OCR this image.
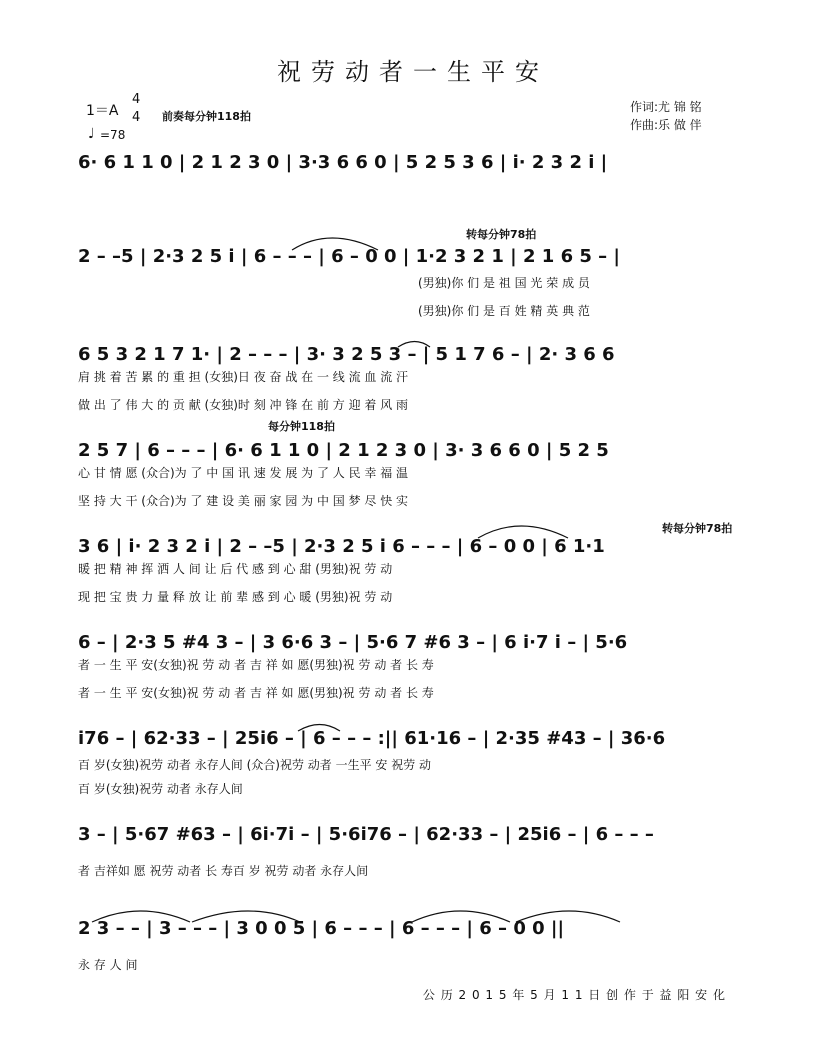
祝劳动者一生平安
1＝A
4
4
♩ =78
前奏每分钟118拍
作词:尤 锦 铭
作曲:乐 做 伴
转每分钟78拍
每分钟118拍
转每分钟78拍
6· 6 1 1 0 | 2 1 2 3 0 | 3·3 6 6 0 | 5 2 5 3 6 | i· 2 3 2 i |
2 – –5 | 2·3 2 5 i | 6 – – – | 6 – 0 0 | 1·2 3 2 1 | 2 1 6 5 – |
(男独)你 们 是 祖 国 光 荣 成 员
(男独)你 们 是 百 姓 精 英 典 范
6 5 3 2 1 7 1· | 2 – – – | 3· 3 2 5 3 – | 5 1 7 6 – | 2· 3 6 6
肩 挑 着 苦 累 的 重 担 (女独)日 夜 奋 战 在 一 线 流 血 流 汗
做 出 了 伟 大 的 贡 献 (女独)时 刻 冲 锋 在 前 方 迎 着 风 雨
2 5 7 | 6 – – – | 6· 6 1 1 0 | 2 1 2 3 0 | 3· 3 6 6 0 | 5 2 5
心 甘 情 愿 (众合)为 了 中 国 讯 速 发 展 为 了 人 民 幸 福 温
坚 持 大 干 (众合)为 了 建 设 美 丽 家 园 为 中 国 梦 尽 快 实
3 6 | i· 2 3 2 i | 2 – –5 | 2·3 2 5 i 6 – – – | 6 – 0 0 | 6 1·1
暖 把 精 神 挥 洒 人 间 让 后 代 感 到 心 甜 (男独)祝 劳 动
现 把 宝 贵 力 量 释 放 让 前 辈 感 到 心 暖 (男独)祝 劳 动
6 – | 2·3 5 #4 3 – | 3 6·6 3 – | 5·6 7 #6 3 – | 6 i·7 i – | 5·6
者 一 生 平 安(女独)祝 劳 动 者 吉 祥 如 愿(男独)祝 劳 动 者 长 寿
者 一 生 平 安(女独)祝 劳 动 者 吉 祥 如 愿(男独)祝 劳 动 者 长 寿
i76 – | 62·33 – | 25i6 – | 6 – – – :|| 61·16 – | 2·35 #43 – | 36·6
百 岁(女独)祝劳 动者 永存人间 (众合)祝劳 动者 一生平 安 祝劳 动
百 岁(女独)祝劳 动者 永存人间
3 – | 5·67 #63 – | 6i·7i – | 5·6i76 – | 62·33 – | 25i6 – | 6 – – –
者 吉祥如 愿 祝劳 动者 长 寿百 岁 祝劳 动者 永存人间
2 3 – – | 3 – – – | 3 0 0 5 | 6 – – – | 6 – – – | 6 – 0 0 ||
永 存 人 间
公 历 2 0 1 5 年 5 月 1 1 日 创 作 于 益 阳 安 化
